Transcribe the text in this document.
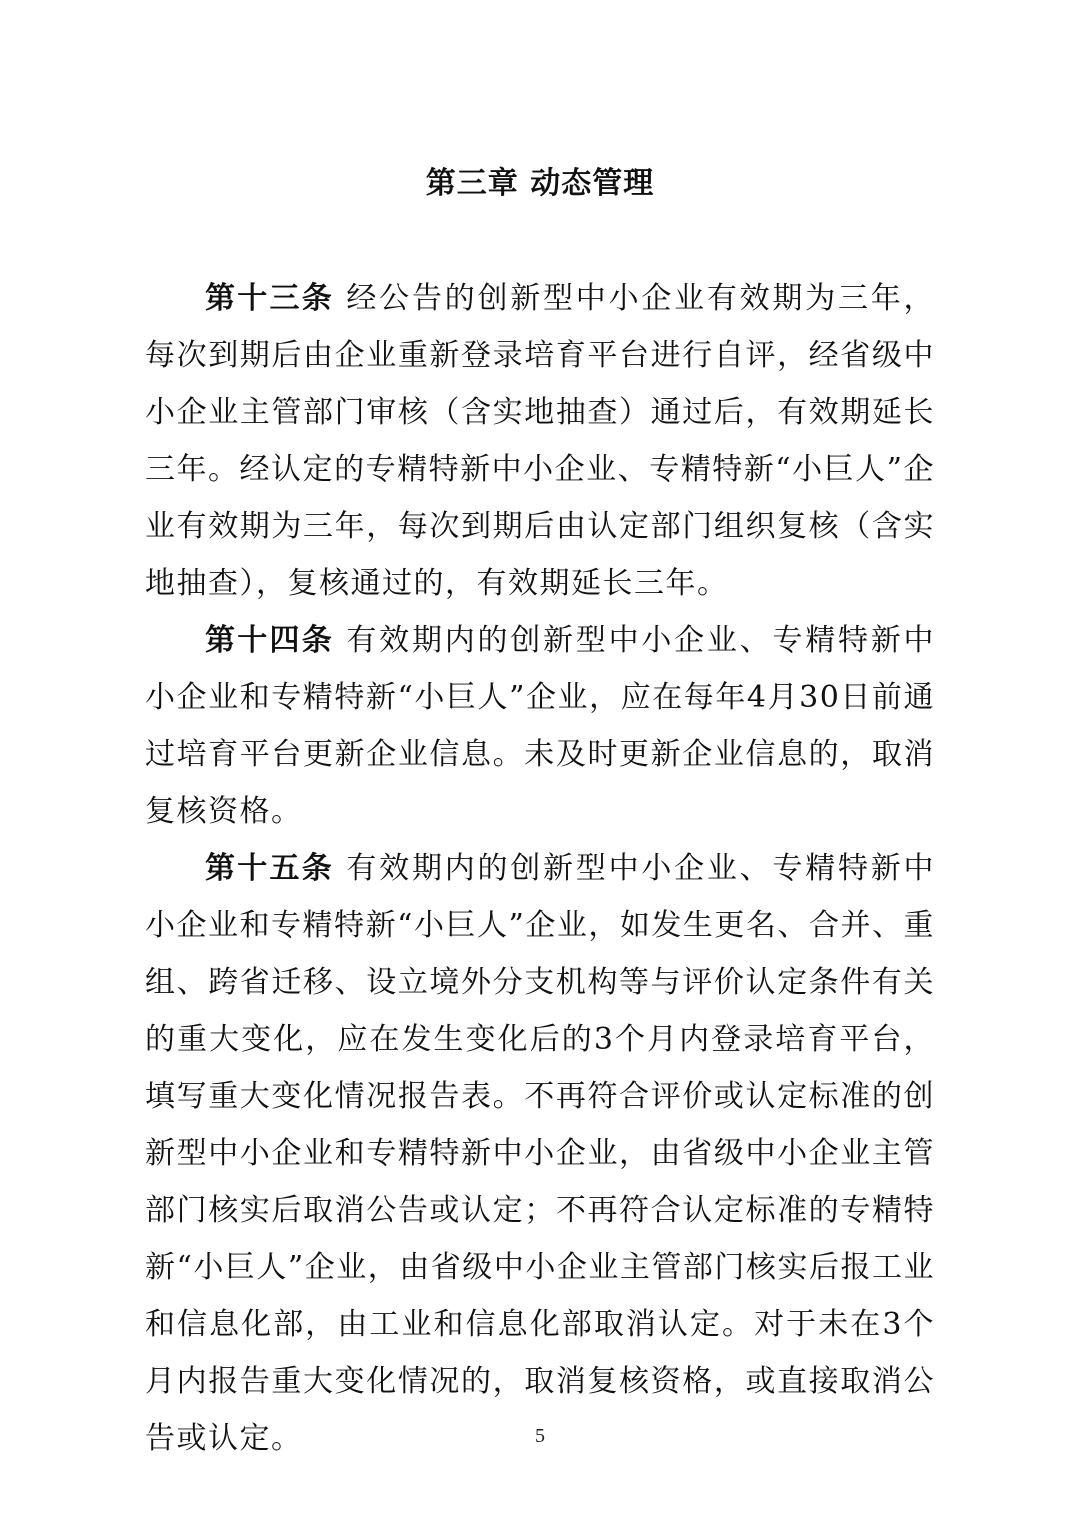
第三章 动态管理

第十三条 经公告的创新型中小企业有效期为三年，每次到期后由企业重新登录培育平台进行自评，经省级中小企业主管部门审核（含实地抽查）通过后，有效期延长三年。经认定的专精特新中小企业、专精特新“小巨人”企业有效期为三年，每次到期后由认定部门组织复核（含实地抽查），复核通过的，有效期延长三年。

第十四条 有效期内的创新型中小企业、专精特新中小企业和专精特新“小巨人”企业，应在每年4月30日前通过培育平台更新企业信息。未及时更新企业信息的，取消复核资格。

第十五条 有效期内的创新型中小企业、专精特新中小企业和专精特新“小巨人”企业，如发生更名、合并、重组、跨省迁移、设立境外分支机构等与评价认定条件有关的重大变化，应在发生变化后的3个月内登录培育平台，填写重大变化情况报告表。不再符合评价或认定标准的创新型中小企业和专精特新中小企业，由省级中小企业主管部门核实后取消公告或认定；不再符合认定标准的专精特新“小巨人”企业，由省级中小企业主管部门核实后报工业和信息化部，由工业和信息化部取消认定。对于未在3个月内报告重大变化情况的，取消复核资格，或直接取消公告或认定。	5
